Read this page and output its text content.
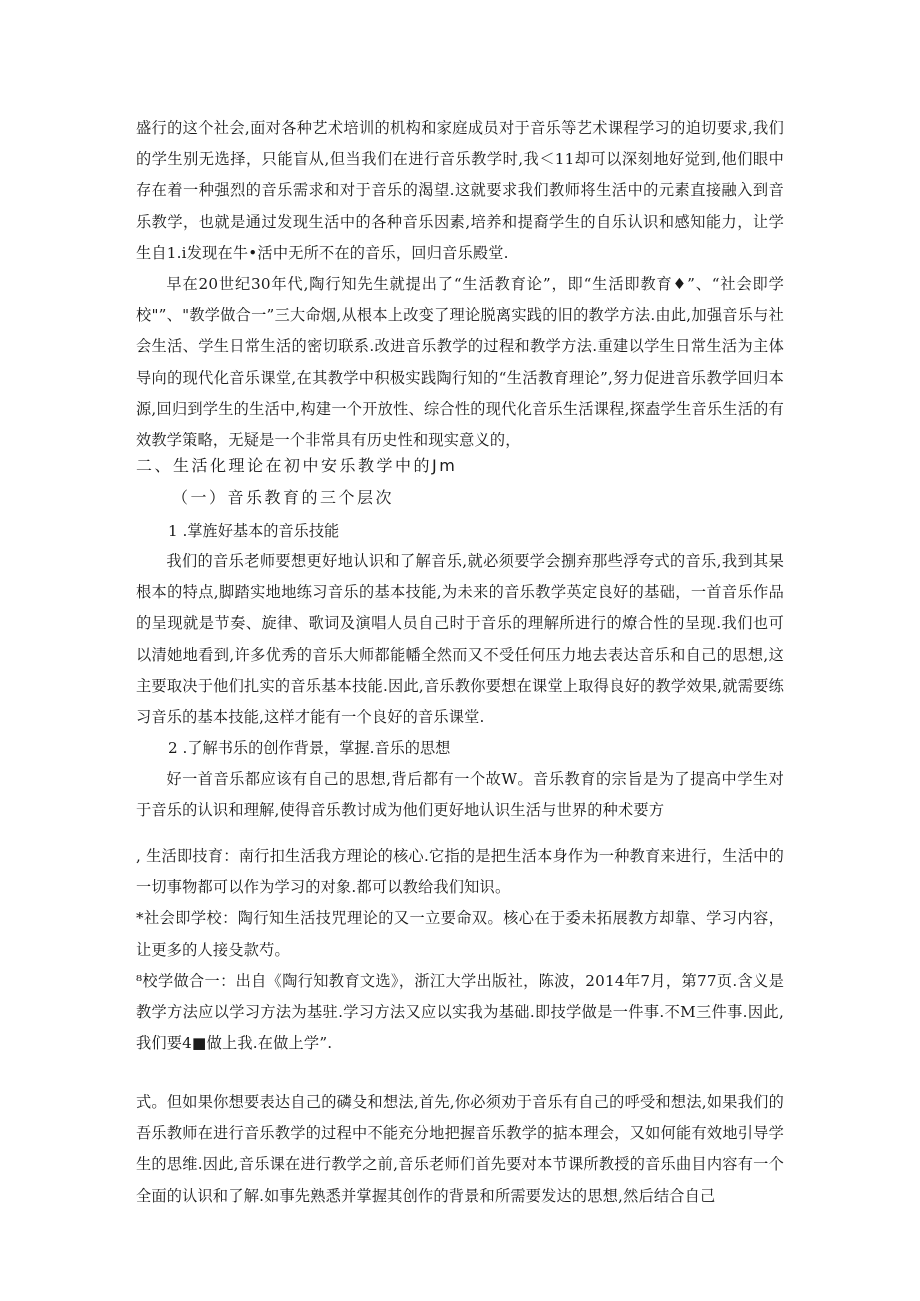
盛行的这个社会,面对各种艺术培训的机构和家庭成员对于音乐等艺术课程学习的迫切要求,我们的学生别无选择，只能盲从,但当我们在进行音乐教学时,我＜11却可以深刻地好觉到,他们眼中存在着一种强烈的音乐需求和对于音乐的渴望.这就要求我们教师将生活中的元素直接融入到音乐教学，也就是通过发现生活中的各种音乐因素,培养和提裔学生的自乐认识和感知能力，让学生自1.i发现在牛•活中无所不在的音乐，回归音乐殿堂.

早在20世纪30年代,陶行知先生就提出了“生活教育论”，即“生活即教育♦”、“社会即学校"”、"教学做合一”三大命烟,从根本上改变了理论脱离实践的旧的教学方法.由此,加强音乐与社会生活、学生日常生活的密切联系.改进音乐教学的过程和教学方法.重建以学生日常生活为主体导向的现代化音乐课堂,在其教学中积极实践陶行知的“生活教育理论”,努力促进音乐教学回归本源,回归到学生的生活中,构建一个开放性、综合性的现代化音乐生活课程,探盍学生音乐生活的有效教学策略，无疑是一个非常具有历史性和现实意义的，

二、生活化理论在初中安乐教学中的Jm
（一）音乐教育的三个层次
1 .掌旌好基本的音乐技能

我们的音乐老师要想更好地认识和了解音乐,就必须要学会捌弃那些浮夸式的音乐,我到其杲根本的特点,脚踏实地地练习音乐的基本技能,为未来的音乐教学英定良好的基础，一首音乐作品的呈现就是节奏、旋律、歌词及演唱人员自己时于音乐的理解所进行的燎合性的呈现.我们也可以清她地看到,许多优秀的音乐大师都能幡全然而又不受任何压力地去表达音乐和自己的思想,这主要取决于他们扎实的音乐基本技能.因此,音乐教你要想在课堂上取得良好的教学效果,就需要练习音乐的基本技能,这样才能有一个良好的音乐课堂.

2 .了解书乐的创作背景，掌握.音乐的思想

好一首音乐都应该有自己的思想,背后都有一个故W。音乐教育的宗旨是为了提高中学生对于音乐的认识和理解,使得音乐教讨成为他们更好地认识生活与世界的种术要方

, 生活即技育：南行扣生活我方理论的核心.它指的是把生活本身作为一种教育来进行，生活中的一切事物都可以作为学习的对象.都可以教给我们知识。

*社会即学校：陶行知生活技咒理论的又一立要命双。核心在于委未拓展教方却靠、学习内容，让更多的人接殳款芍。

⁸校学做合一：出自《陶行知教育文选》，浙江大学出版社，陈波，2014年7月，第77页.含义是教学方法应以学习方法为基驻.学习方法又应以实我为基础.即技学做是一件事.不M三件事.因此,我们要4■做上我.在做上学”.

式。但如果你想要表达自己的磷殳和想法,首先,你必须劝于音乐有自己的呼受和想法,如果我们的吾乐教师在进行音乐教学的过程中不能充分地把握音乐教学的掂本理会，又如何能有效地引导学生的思维.因此,音乐课在进行教学之前,音乐老师们首先要对本节课所教授的音乐曲目内容有一个全面的认识和了解.如事先熟悉并掌握其创作的背景和所需要发达的思想,然后结合自己
